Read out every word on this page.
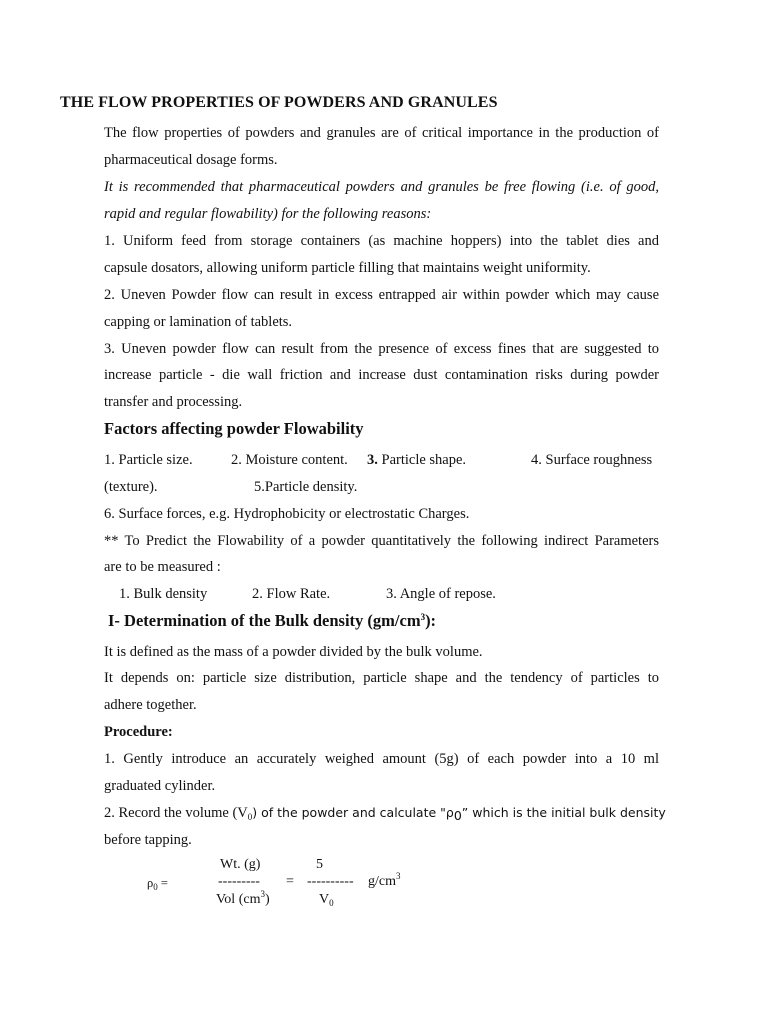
THE FLOW PROPERTIES OF POWDERS AND GRANULES
The flow properties of powders and granules are of critical importance in the production of
pharmaceutical dosage forms.
It is recommended that pharmaceutical powders and granules be free flowing (i.e. of good,
rapid and regular flowability) for the following reasons:
1. Uniform feed from storage containers (as machine hoppers) into the tablet dies and
capsule dosators, allowing uniform particle filling that maintains weight uniformity.
2. Uneven Powder flow can result in excess entrapped air within powder which may cause
capping or lamination of tablets.
3. Uneven powder flow can result from the presence of excess fines that are suggested to
increase particle - die wall friction and increase dust contamination risks during powder
transfer and processing.
Factors affecting powder Flowability
1. Particle size.	2. Moisture content. 3. Particle shape.	4. Surface roughness
(texture).	5.Particle density.
6. Surface forces, e.g. Hydrophobicity or electrostatic Charges.
** To Predict the Flowability of a powder quantitatively the following indirect Parameters
are to be measured :
1. Bulk density	2. Flow Rate.	3. Angle of repose.
I- Determination of the Bulk density $(gm/cm^3)$:
It is defined as the mass of a powder divided by the bulk volume.
It depends on: particle size distribution, particle shape and the tendency of particles to
adhere together.
Procedure:
1. Gently introduce an accurately weighed amount (5g) of each powder into a 10 ml
graduated cylinder.
2. Record the volume $(V_0)$ of the powder and calculate "$\rho_0$” which is the initial bulk density
before tapping.
Wt. (g)	5
$\rho_0$ =	--------- = ---------- $g/cm^3$
Vol $(cm^3)$	$V_0$
